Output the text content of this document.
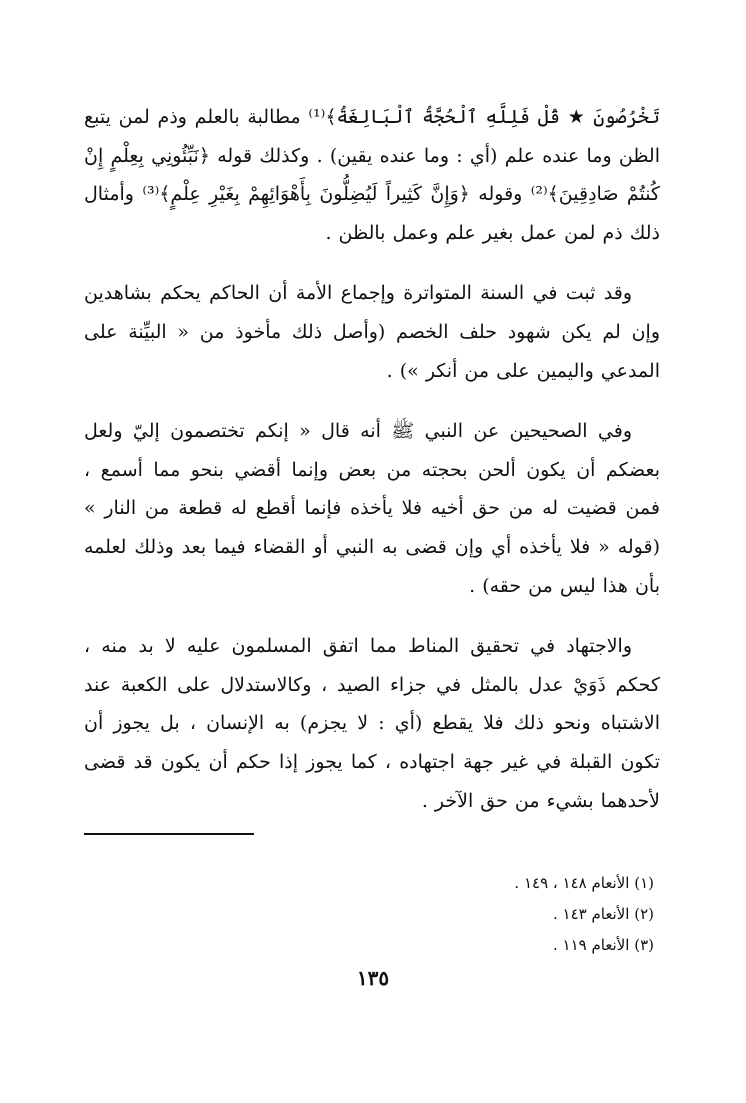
تَخْرُصُونَ ★ قُلْ فَلِلَّهِ ٱلْحُجَّةُ ٱلْبَالِغَةُ﴾⁽¹⁾ مطالبة بالعلم وذم لمن يتبع الظن وما عنده علم (أي : وما عنده يقين) . وكذلك قوله ﴿نَبِّئُونِي بِعِلْمٍ إِنْ كُنتُمْ صَادِقِينَ﴾⁽²⁾ وقوله ﴿وَإِنَّ كَثِيراً لَيُضِلُّونَ بِأَهْوَائِهِمْ بِغَيْرِ عِلْمٍ﴾⁽³⁾ وأمثال ذلك ذم لمن عمل بغير علم وعمل بالظن .

وقد ثبت في السنة المتواترة وإجماع الأمة أن الحاكم يحكم بشاهدين وإن لم يكن شهود حلف الخصم (وأصل ذلك مأخوذ من « البيِّنة على المدعي واليمين على من أنكر ») .

وفي الصحيحين عن النبي ﷺ أنه قال « إنكم تختصمون إليّ ولعل بعضكم أن يكون ألحن بحجته من بعض وإنما أقضي بنحو مما أسمع ، فمن قضيت له من حق أخيه فلا يأخذه فإنما أقطع له قطعة من النار » (قوله « فلا يأخذه أي وإن قضى به النبي أو القضاء فيما بعد وذلك لعلمه بأن هذا ليس من حقه) .

والاجتهاد في تحقيق المناط مما اتفق المسلمون عليه لا بد منه ، كحكم ذَوَيْ عدل بالمثل في جزاء الصيد ، وكالاستدلال على الكعبة عند الاشتباه ونحو ذلك فلا يقطع (أي : لا يجزم) به الإنسان ، بل يجوز أن تكون القبلة في غير جهة اجتهاده ، كما يجوز إذا حكم أن يكون قد قضى لأحدهما بشيء من حق الآخر .

(١) الأنعام ١٤٨ ، ١٤٩ .

(٢) الأنعام ١٤٣ .

(٣) الأنعام ١١٩ .

١٣٥
